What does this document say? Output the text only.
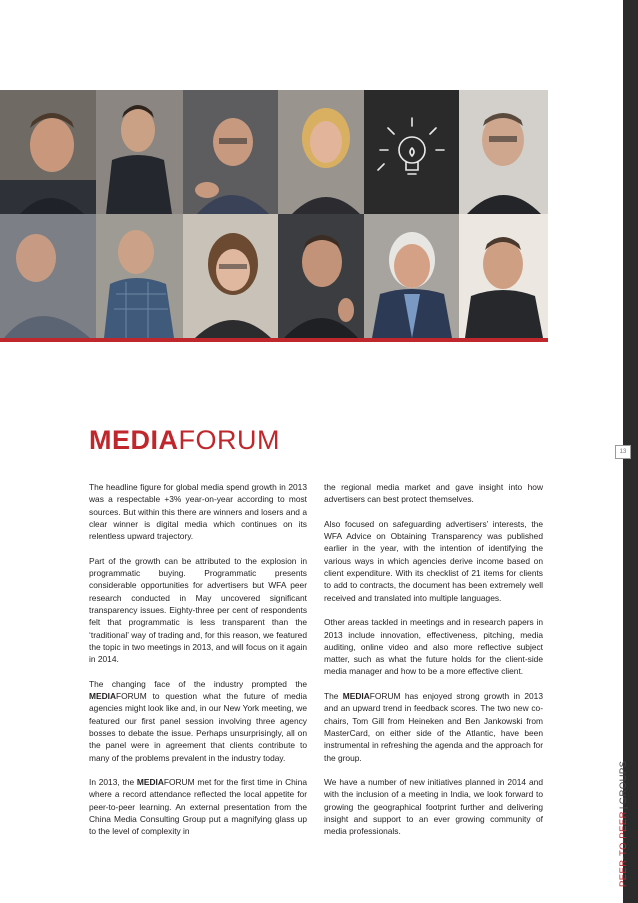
13
PEER-TO-PEER|GROUPS
MEDIAFORUM

The headline figure for global media spend growth in 2013 was a respectable +3% year-on-year according to most sources. But within this there are winners and losers and a clear winner is digital media which continues on its relentless upward trajectory.

Part of the growth can be attributed to the explosion in programmatic buying. Programmatic presents considerable opportunities for advertisers but WFA peer research conducted in May uncovered significant transparency issues. Eighty-three per cent of respondents felt that programmatic is less transparent than the ‘traditional’ way of trading and, for this reason, we featured the topic in two meetings in 2013, and will focus on it again in 2014.

The changing face of the industry prompted the MEDIAFORUM to question what the future of media agencies might look like and, in our New York meeting, we featured our first panel session involving three agency bosses to debate the issue. Perhaps unsurprisingly, all on the panel were in agreement that clients contribute to many of the problems prevalent in the industry today.

In 2013, the MEDIAFORUM met for the first time in China where a record attendance reflected the local appetite for peer-to-peer learning. An external presentation from the China Media Consulting Group put a magnifying glass up to the level of complexity in

the regional media market and gave insight into how advertisers can best protect themselves.

Also focused on safeguarding advertisers’ interests, the WFA Advice on Obtaining Transparency was published earlier in the year, with the intention of identifying the various ways in which agencies derive income based on client expenditure. With its checklist of 21 items for clients to add to contracts, the document has been extremely well received and translated into multiple languages.

Other areas tackled in meetings and in research papers in 2013 include innovation, effectiveness, pitching, media auditing, online video and also more reflective subject matter, such as what the future holds for the client-side media manager and how to be a more effective client.

The MEDIAFORUM has enjoyed strong growth in 2013 and an upward trend in feedback scores. The two new co-chairs, Tom Gill from Heineken and Ben Jankowski from MasterCard, on either side of the Atlantic, have been instrumental in refreshing the agenda and the approach for the group.

We have a number of new initiatives planned in 2014 and with the inclusion of a meeting in India, we look forward to growing the geographical footprint further and delivering insight and support to an ever growing community of media professionals.
